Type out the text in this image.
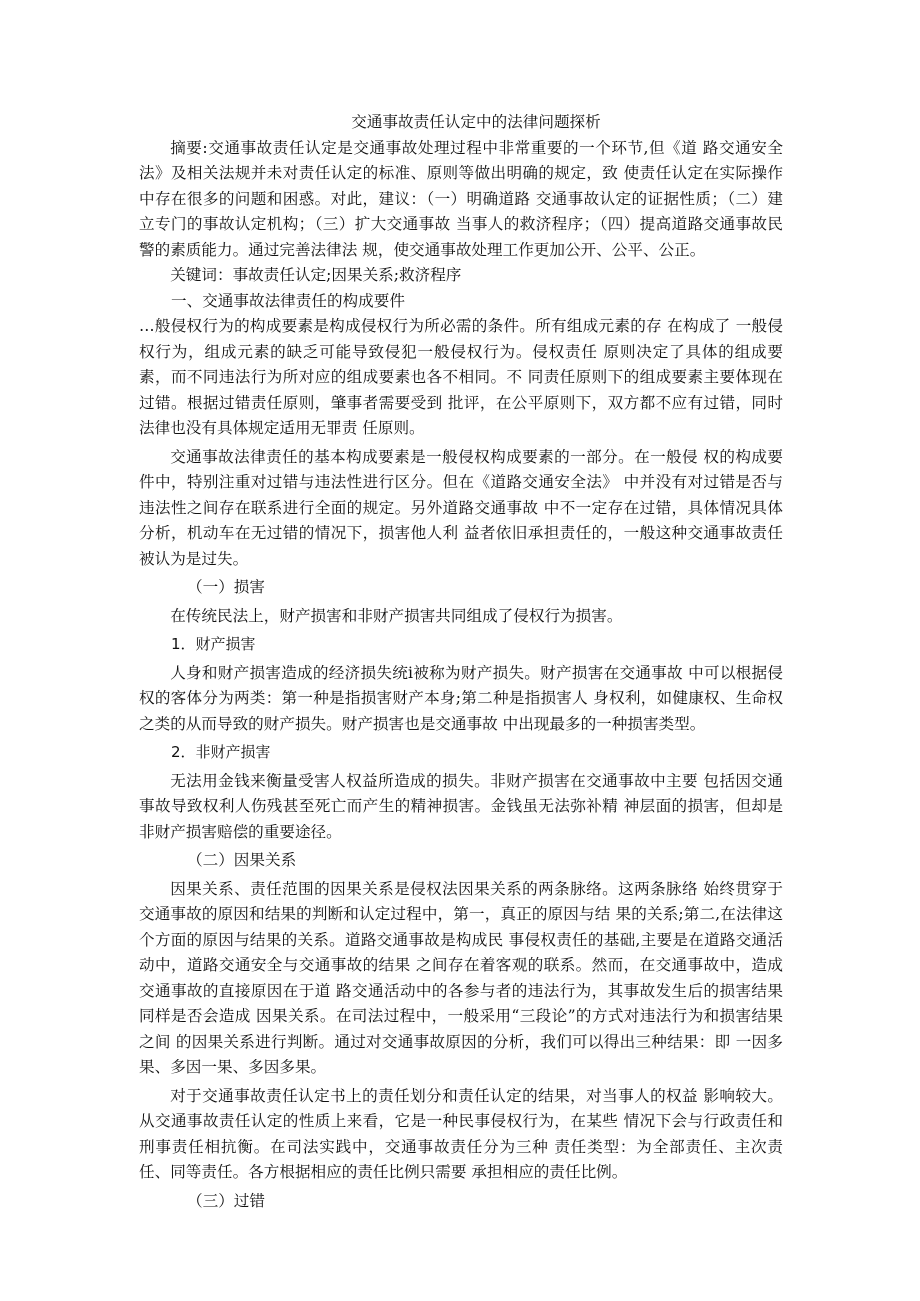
交通事故责任认定中的法律问题探析

摘要:交通事故责任认定是交通事故处理过程中非常重要的一个环节,但《道 路交通安全法》及相关法规并未对责任认定的标准、原则等做出明确的规定，致 使责任认定在实际操作中存在很多的问题和困惑。对此，建议：（一）明确道路 交通事故认定的证据性质；（二）建立专门的事故认定机构；（三）扩大交通事故 当事人的救济程序；（四）提高道路交通事故民警的素质能力。通过完善法律法 规，使交通事故处理工作更加公开、公平、公正。

关键词：事故责任认定;因果关系;救济程序

一、交通事故法律责任的构成要件

…般侵权行为的构成要素是构成侵权行为所必需的条件。所有组成元素的存 在构成了 一般侵权行为，组成元素的缺乏可能导致侵犯一般侵权行为。侵权责任 原则决定了具体的组成要素，而不同违法行为所对应的组成要素也各不相同。不 同责任原则下的组成要素主要体现在过错。根据过错责任原则，肇事者需要受到 批评，在公平原则下，双方都不应有过错，同时法律也没有具体规定适用无罪责 任原则。

交通事故法律责任的基本构成要素是一般侵权构成要素的一部分。在一般侵 权的构成要件中，特别注重对过错与违法性进行区分。但在《道路交通安全法》 中并没有对过错是否与违法性之间存在联系进行全面的规定。另外道路交通事故 中不一定存在过错，具体情况具体分析，机动车在无过错的情况下，损害他人利 益者依旧承担责任的，一般这种交通事故责任被认为是过失。

（一）损害

在传统民法上，财产损害和非财产损害共同组成了侵权行为损害。

1．财产损害

人身和财产损害造成的经济损失统i被称为财产损失。财产损害在交通事故 中可以根据侵权的客体分为两类：第一种是指损害财产本身;第二种是指损害人 身权利，如健康权、生命权之类的从而导致的财产损失。财产损害也是交通事故 中出现最多的一种损害类型。

2．非财产损害

无法用金钱来衡量受害人权益所造成的损失。非财产损害在交通事故中主要 包括因交通事故导致权利人伤残甚至死亡而产生的精神损害。金钱虽无法弥补精 神层面的损害，但却是非财产损害赔偿的重要途径。

（二）因果关系

因果关系、责任范围的因果关系是侵权法因果关系的两条脉络。这两条脉络 始终贯穿于交通事故的原因和结果的判断和认定过程中，第一，真正的原因与结 果的关系;第二,在法律这个方面的原因与结果的关系。道路交通事故是构成民 事侵权责任的基础,主要是在道路交通活动中，道路交通安全与交通事故的结果 之间存在着客观的联系。然而，在交通事故中，造成交通事故的直接原因在于道 路交通活动中的各参与者的违法行为，其事故发生后的损害结果同样是否会造成 因果关系。在司法过程中，一般采用“三段论”的方式对违法行为和损害结果之间 的因果关系进行判断。通过对交通事故原因的分析，我们可以得出三种结果：即 一因多果、多因一果、多因多果。

对于交通事故责任认定书上的责任划分和责任认定的结果，对当事人的权益 影响较大。从交通事故责任认定的性质上来看，它是一种民事侵权行为，在某些 情况下会与行政责任和刑事责任相抗衡。在司法实践中，交通事故责任分为三种 责任类型：为全部责任、主次责任、同等责任。各方根据相应的责任比例只需要 承担相应的责任比例。

（三）过错
